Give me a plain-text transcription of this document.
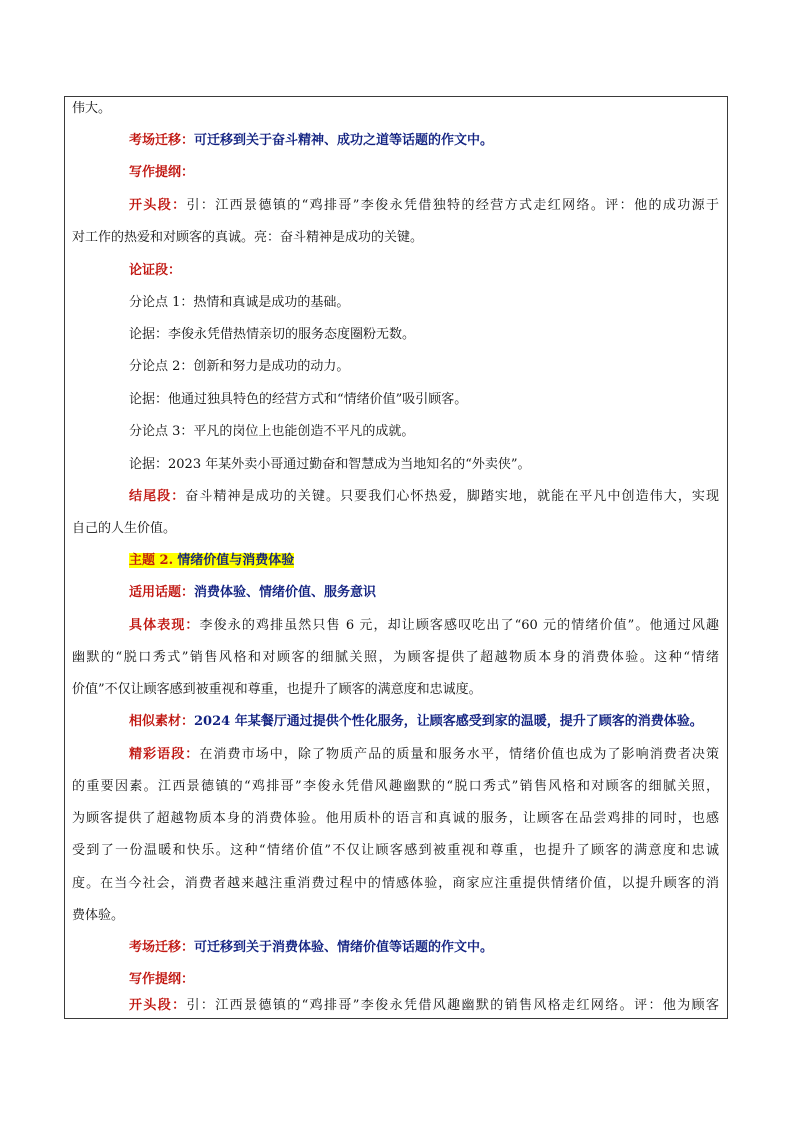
伟大。
考场迁移：可迁移到关于奋斗精神、成功之道等话题的作文中。
写作提纲：
开头段：引：江西景德镇的“鸡排哥”李俊永凭借独特的经营方式走红网络。评：他的成功源于
对工作的热爱和对顾客的真诚。亮：奋斗精神是成功的关键。
论证段：
分论点 1：热情和真诚是成功的基础。
论据：李俊永凭借热情亲切的服务态度圈粉无数。
分论点 2：创新和努力是成功的动力。
论据：他通过独具特色的经营方式和“情绪价值”吸引顾客。
分论点 3：平凡的岗位上也能创造不平凡的成就。
论据：2023 年某外卖小哥通过勤奋和智慧成为当地知名的“外卖侠”。
结尾段：奋斗精神是成功的关键。只要我们心怀热爱，脚踏实地，就能在平凡中创造伟大，实现
自己的人生价值。
主题 2. 情绪价值与消费体验
适用话题：消费体验、情绪价值、服务意识
具体表现：李俊永的鸡排虽然只售 6 元，却让顾客感叹吃出了“60 元的情绪价值”。他通过风趣
幽默的“脱口秀式”销售风格和对顾客的细腻关照，为顾客提供了超越物质本身的消费体验。这种“情绪
价值”不仅让顾客感到被重视和尊重，也提升了顾客的满意度和忠诚度。
相似素材：2024 年某餐厅通过提供个性化服务，让顾客感受到家的温暖，提升了顾客的消费体验。
精彩语段：在消费市场中，除了物质产品的质量和服务水平，情绪价值也成为了影响消费者决策
的重要因素。江西景德镇的“鸡排哥”李俊永凭借风趣幽默的“脱口秀式”销售风格和对顾客的细腻关照，
为顾客提供了超越物质本身的消费体验。他用质朴的语言和真诚的服务，让顾客在品尝鸡排的同时，也感
受到了一份温暖和快乐。这种“情绪价值”不仅让顾客感到被重视和尊重，也提升了顾客的满意度和忠诚
度。在当今社会，消费者越来越注重消费过程中的情感体验，商家应注重提供情绪价值，以提升顾客的消
费体验。
考场迁移：可迁移到关于消费体验、情绪价值等话题的作文中。
写作提纲：
开头段：引：江西景德镇的“鸡排哥”李俊永凭借风趣幽默的销售风格走红网络。评：他为顾客
